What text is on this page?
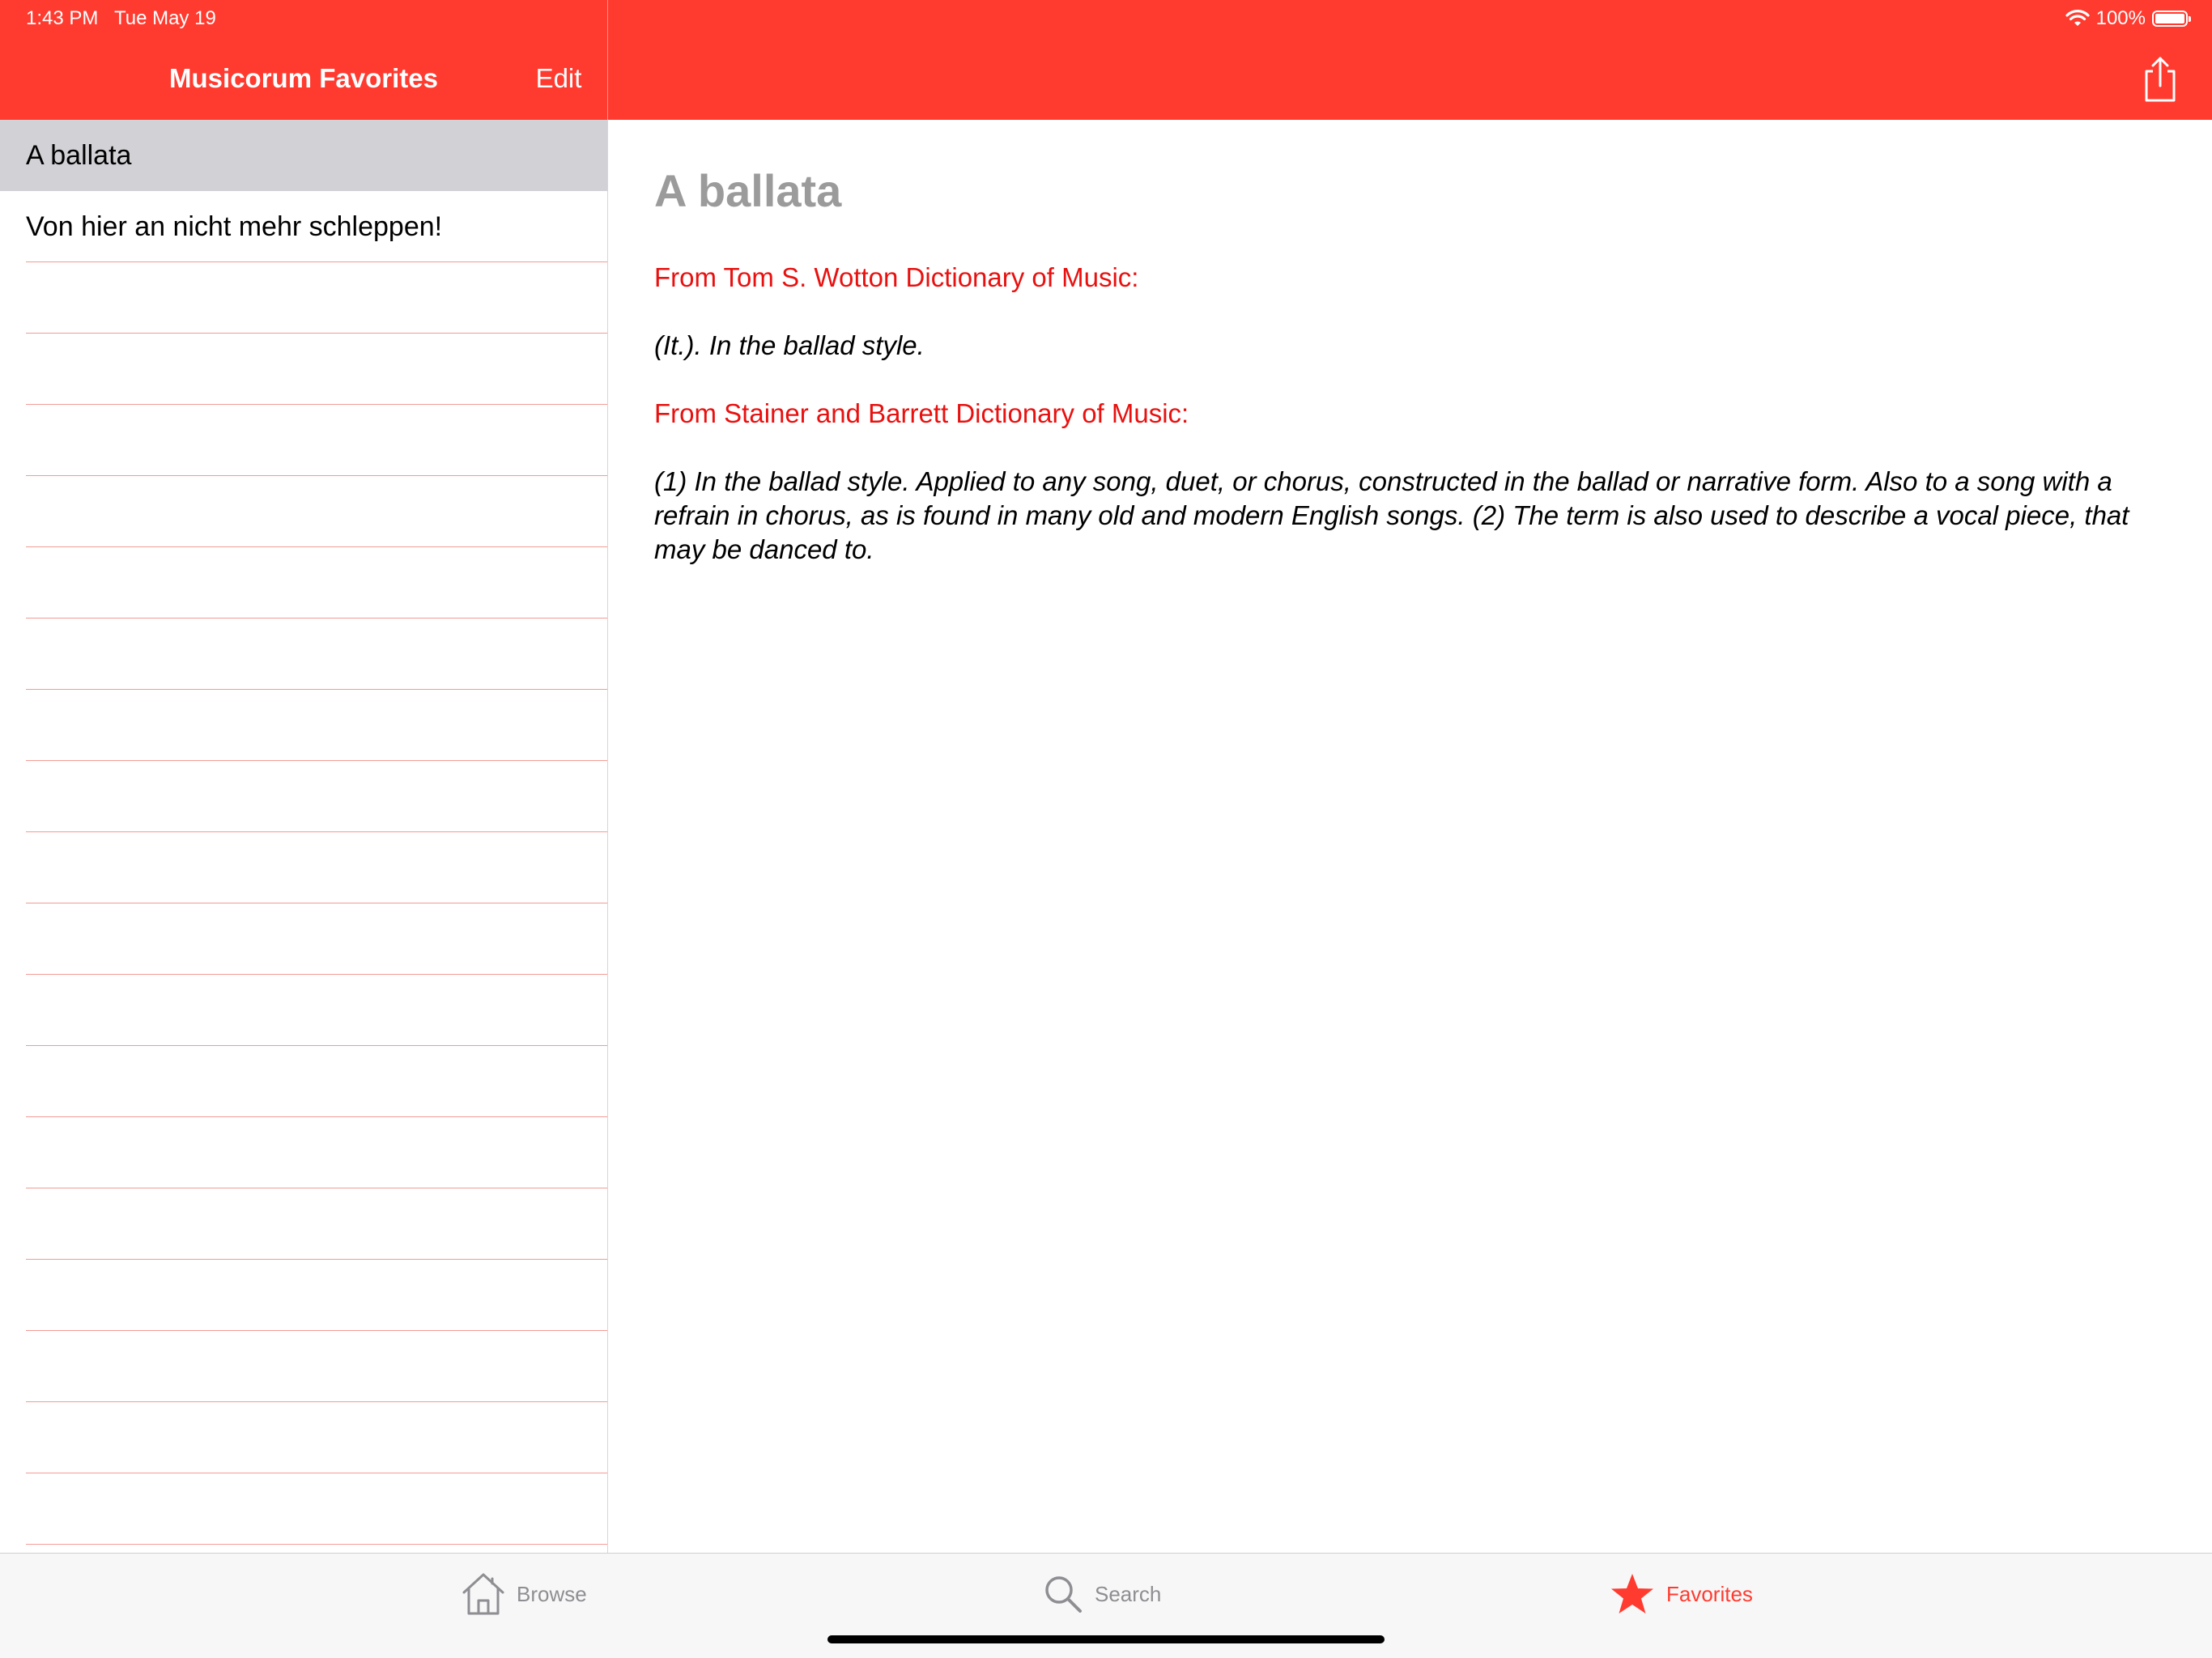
1:43 PM   Tue May 19	100%
Musicorum Favorites	Edit
A ballata
Von hier an nicht mehr schleppen!
A ballata

From Tom S. Wotton Dictionary of Music:

(It.). In the ballad style.

From Stainer and Barrett Dictionary of Music:

(1) In the ballad style. Applied to any song, duet, or chorus, constructed in the ballad or narrative form. Also to a song with a refrain in chorus, as is found in many old and modern English songs. (2) The term is also used to describe a vocal piece, that may be danced to.

Browse	Search	Favorites
